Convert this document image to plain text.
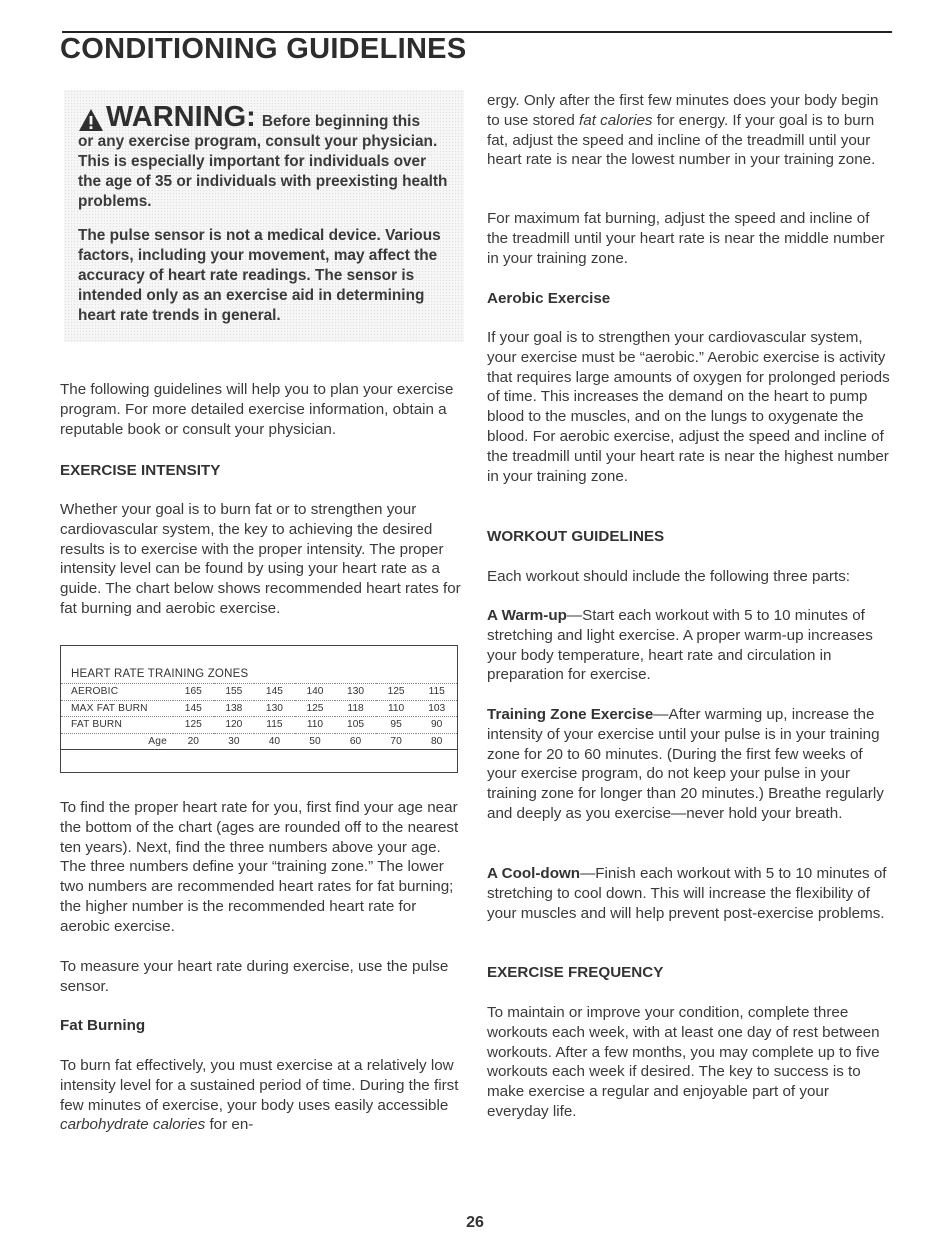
CONDITIONING GUIDELINES
WARNING: Before beginning this
or any exercise program, consult your physician. This is especially important for individuals over the age of 35 or individuals with preexisting health problems.

The pulse sensor is not a medical device. Various factors, including your movement, may affect the accuracy of heart rate readings. The sensor is intended only as an exercise aid in determining heart rate trends in general.

The following guidelines will help you to plan your exercise program. For more detailed exercise information, obtain a reputable book or consult your physician.

EXERCISE INTENSITY

Whether your goal is to burn fat or to strengthen your cardiovascular system, the key to achieving the desired results is to exercise with the proper intensity. The proper intensity level can be found by using your heart rate as a guide. The chart below shows recommended heart rates for fat burning and aerobic exercise.

To find the proper heart rate for you, first find your age near the bottom of the chart (ages are rounded off to the nearest ten years). Next, find the three numbers above your age. The three numbers define your “training zone.” The lower two numbers are recommended heart rates for fat burning; the higher number is the recommended heart rate for aerobic exercise.

To measure your heart rate during exercise, use the pulse sensor.

Fat Burning

To burn fat effectively, you must exercise at a relatively low intensity level for a sustained period of time. During the first few minutes of exercise, your body uses easily accessible carbohydrate calories for en-

HEART RATE TRAINING ZONES
AEROBIC	165	155	145	140	130	125	115
MAX FAT BURN	145	138	130	125	118	110	103
FAT BURN	125	120	115	110	105	95	90
Age	20	30	40	50	60	70	80

ergy. Only after the first few minutes does your body begin to use stored fat calories for energy. If your goal is to burn fat, adjust the speed and incline of the treadmill until your heart rate is near the lowest number in your training zone.

For maximum fat burning, adjust the speed and incline of the treadmill until your heart rate is near the middle number in your training zone.

Aerobic Exercise

If your goal is to strengthen your cardiovascular system, your exercise must be “aerobic.” Aerobic exercise is activity that requires large amounts of oxygen for prolonged periods of time. This increases the demand on the heart to pump blood to the muscles, and on the lungs to oxygenate the blood. For aerobic exercise, adjust the speed and incline of the treadmill until your heart rate is near the highest number in your training zone.

WORKOUT GUIDELINES

Each workout should include the following three parts:

A Warm-up—Start each workout with 5 to 10 minutes of stretching and light exercise. A proper warm-up increases your body temperature, heart rate and circulation in preparation for exercise.

Training Zone Exercise—After warming up, increase the intensity of your exercise until your pulse is in your training zone for 20 to 60 minutes. (During the first few weeks of your exercise program, do not keep your pulse in your training zone for longer than 20 minutes.) Breathe regularly and deeply as you exercise—never hold your breath.

A Cool-down—Finish each workout with 5 to 10 minutes of stretching to cool down. This will increase the flexibility of your muscles and will help prevent post-exercise problems.

EXERCISE FREQUENCY

To maintain or improve your condition, complete three workouts each week, with at least one day of rest between workouts. After a few months, you may complete up to five workouts each week if desired. The key to success is to make exercise a regular and enjoyable part of your everyday life.

26
